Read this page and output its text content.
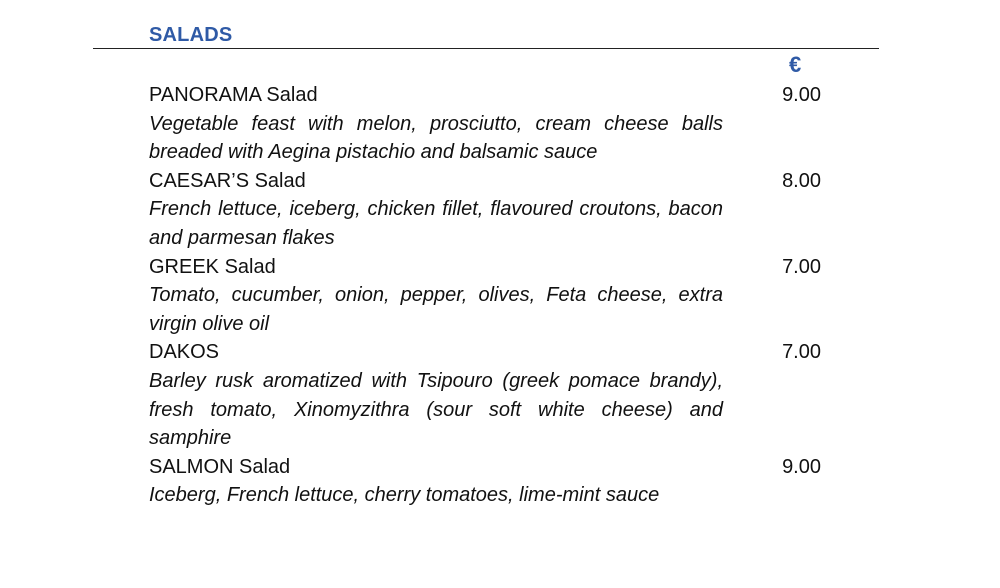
SALADS
€
PANORAMA Salad	9.00
Vegetable feast with melon, prosciutto, cream cheese balls breaded with Aegina pistachio and balsamic sauce
CAESAR’S Salad	8.00
French lettuce, iceberg, chicken fillet, flavoured croutons, bacon and parmesan flakes
GREEK Salad	7.00
Tomato, cucumber, onion, pepper, olives, Feta cheese, extra virgin olive oil
DAKOS	7.00
Barley rusk aromatized with Tsipouro (greek pomace brandy), fresh tomato, Xinomyzithra (sour soft white cheese) and samphire
SALMON Salad	9.00
Iceberg, French lettuce, cherry tomatoes, lime-mint sauce
